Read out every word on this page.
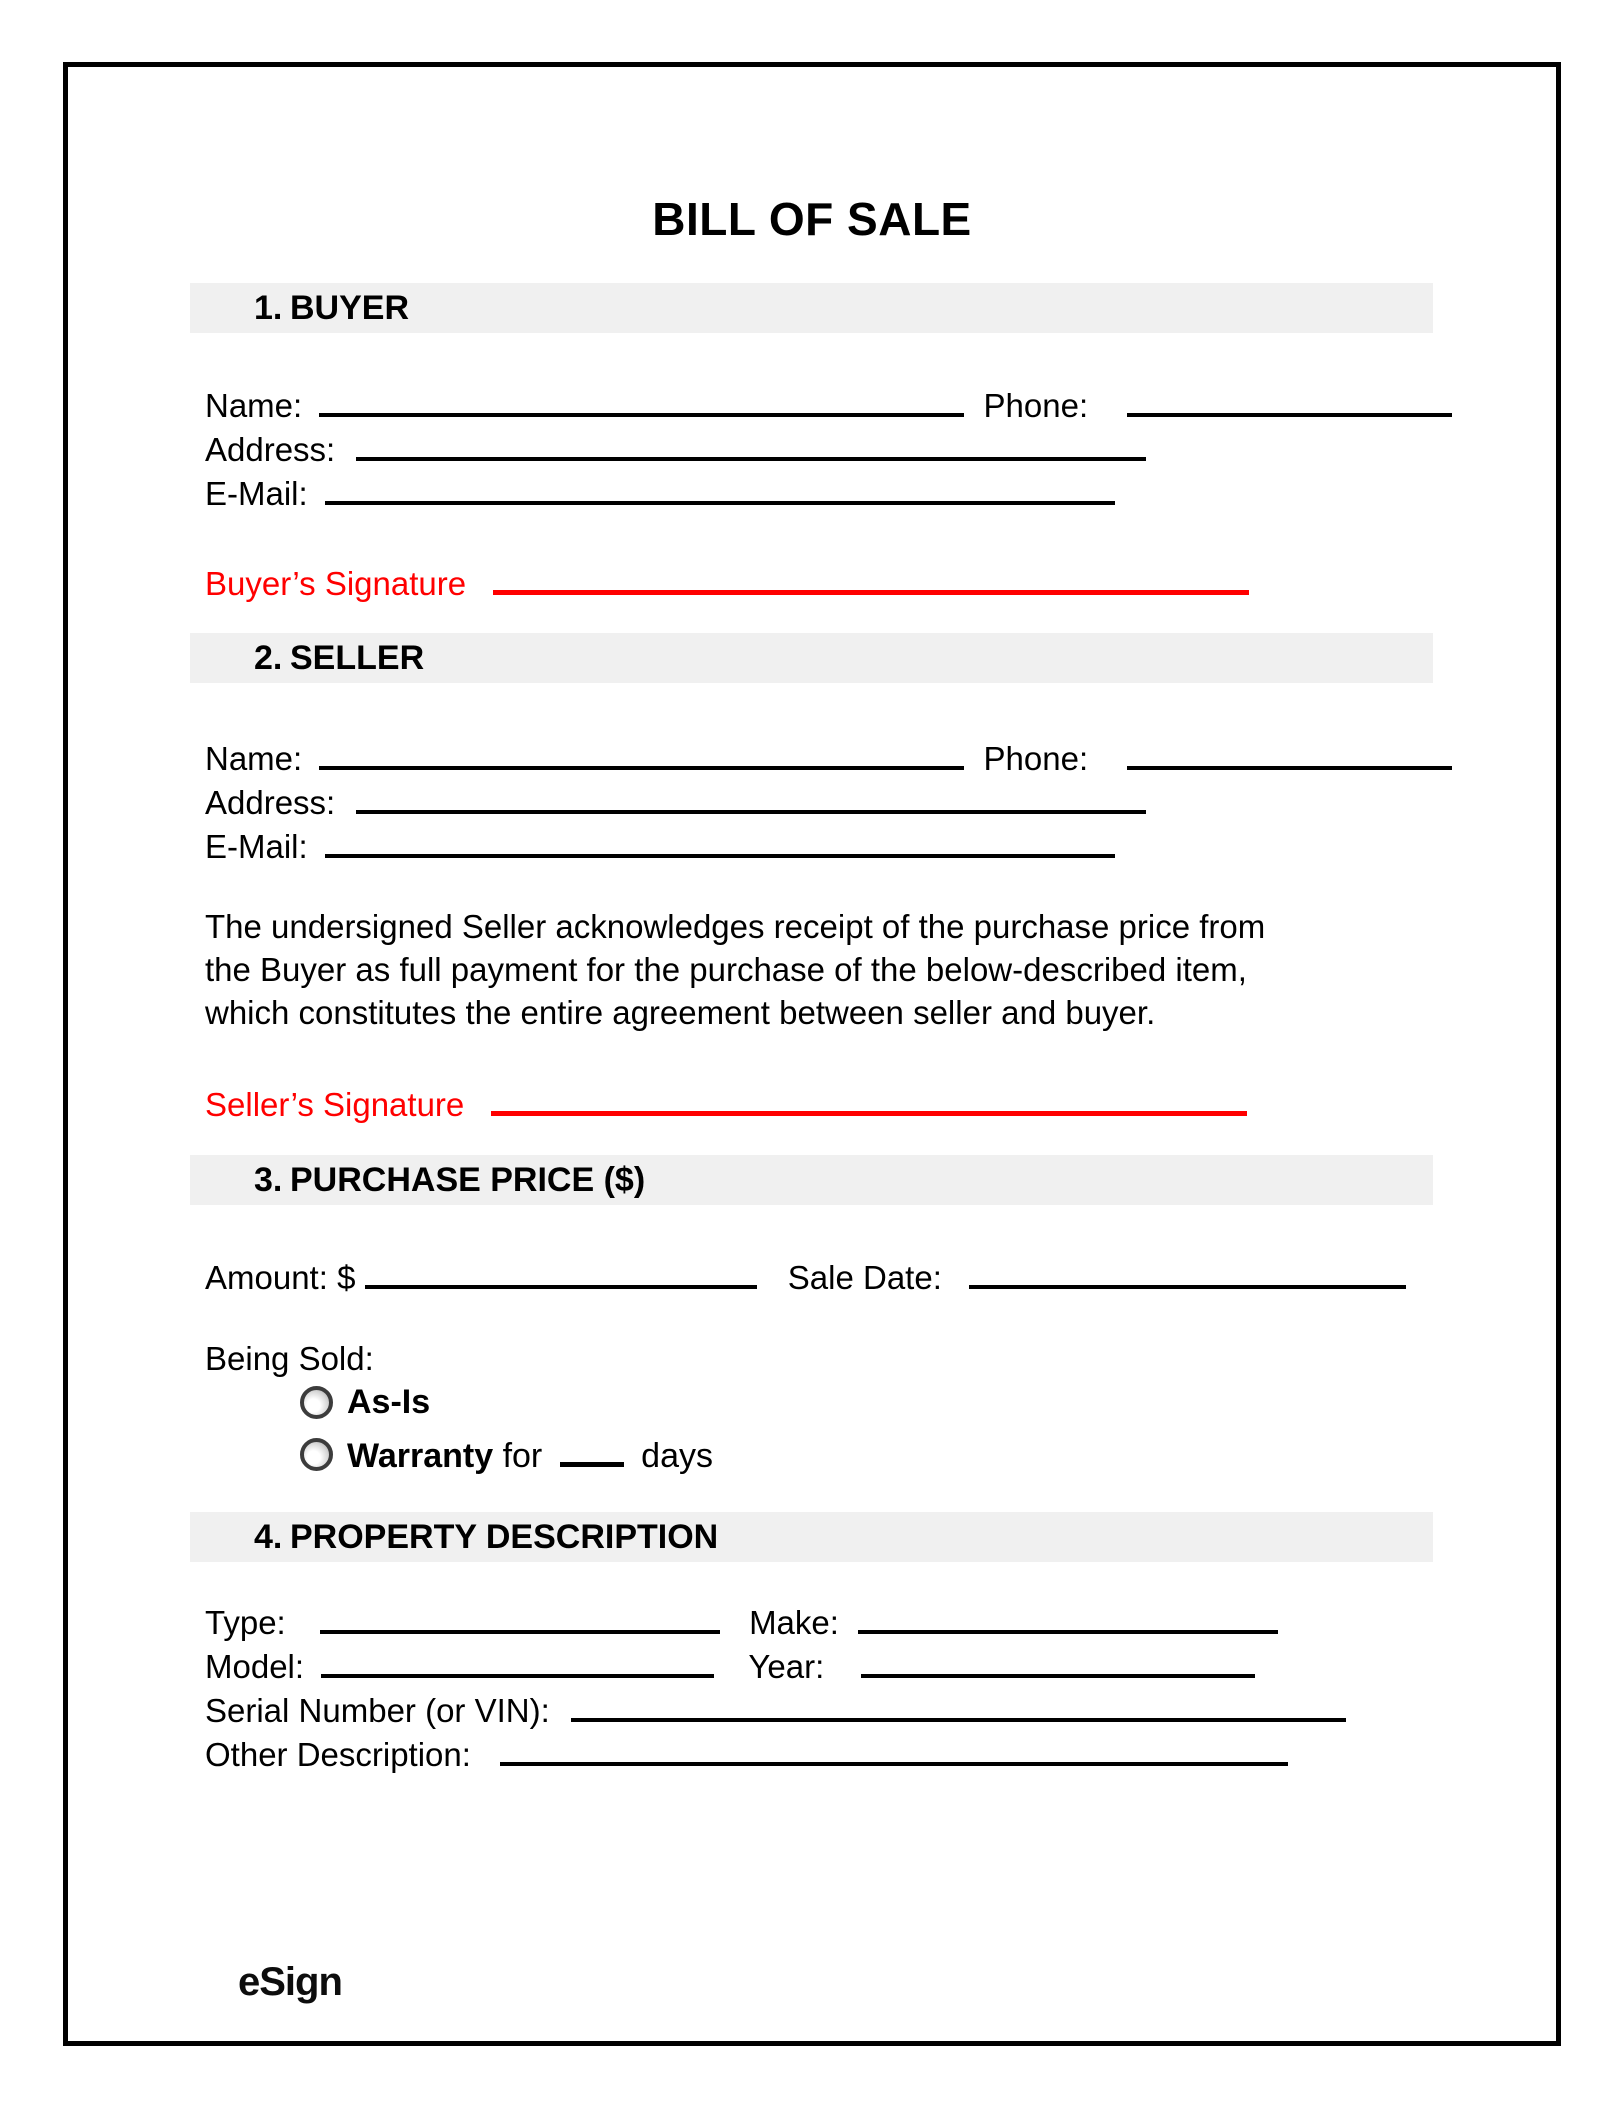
BILL OF SALE
1. BUYER
Name:	Phone:
Address:
E-Mail:
Buyer’s Signature
2. SELLER
Name:	Phone:
Address:
E-Mail:
The undersigned Seller acknowledges receipt of the purchase price from
the Buyer as full payment for the purchase of the below-described item,
which constitutes the entire agreement between seller and buyer.
Seller’s Signature
3. PURCHASE PRICE ($)
Amount: $	Sale Date:
Being Sold:
As-Is
Warranty for	days
4. PROPERTY DESCRIPTION
Type:	Make:
Model:	Year:
Serial Number (or VIN):
Other Description:
eSign
